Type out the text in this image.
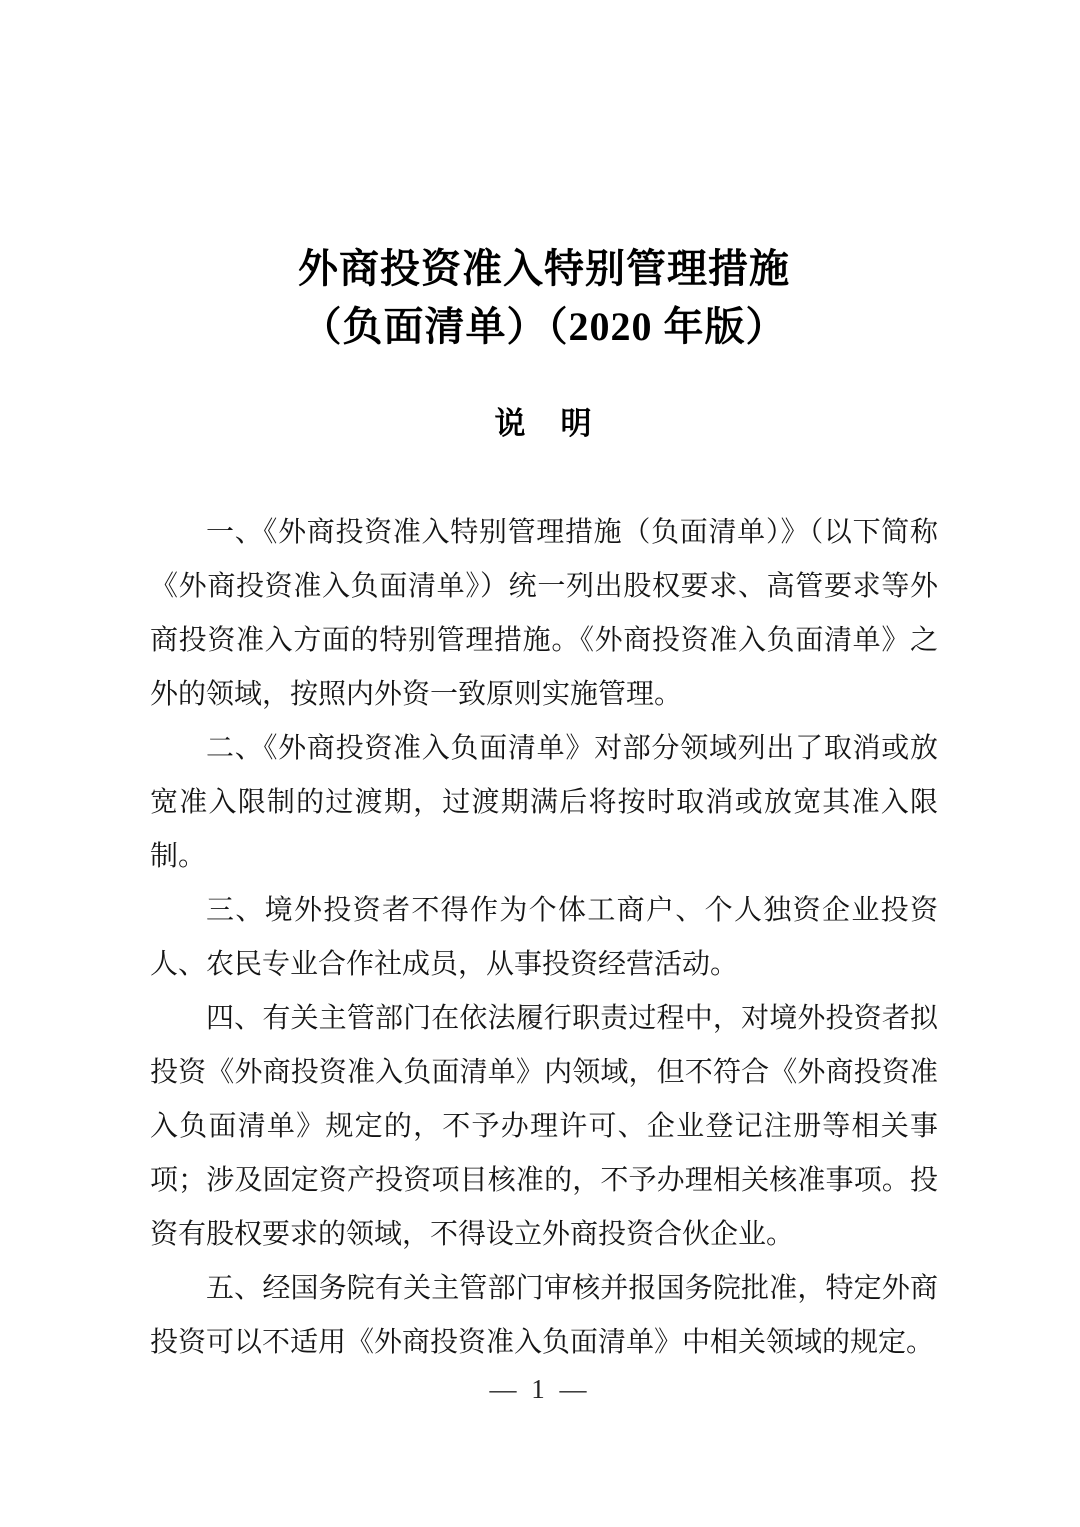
外商投资准入特别管理措施
（负面清单）（2020 年版）
说　明

一、《外商投资准入特别管理措施（负面清单）》（以下简称《外商投资准入负面清单》）统一列出股权要求、高管要求等外商投资准入方面的特别管理措施。《外商投资准入负面清单》之外的领域，按照内外资一致原则实施管理。

二、《外商投资准入负面清单》对部分领域列出了取消或放宽准入限制的过渡期，过渡期满后将按时取消或放宽其准入限制。

三、境外投资者不得作为个体工商户、个人独资企业投资人、农民专业合作社成员，从事投资经营活动。

四、有关主管部门在依法履行职责过程中，对境外投资者拟投资《外商投资准入负面清单》内领域，但不符合《外商投资准入负面清单》规定的，不予办理许可、企业登记注册等相关事项；涉及固定资产投资项目核准的，不予办理相关核准事项。投资有股权要求的领域，不得设立外商投资合伙企业。

五、经国务院有关主管部门审核并报国务院批准，特定外商投资可以不适用《外商投资准入负面清单》中相关领域的规定。

— 1 —
